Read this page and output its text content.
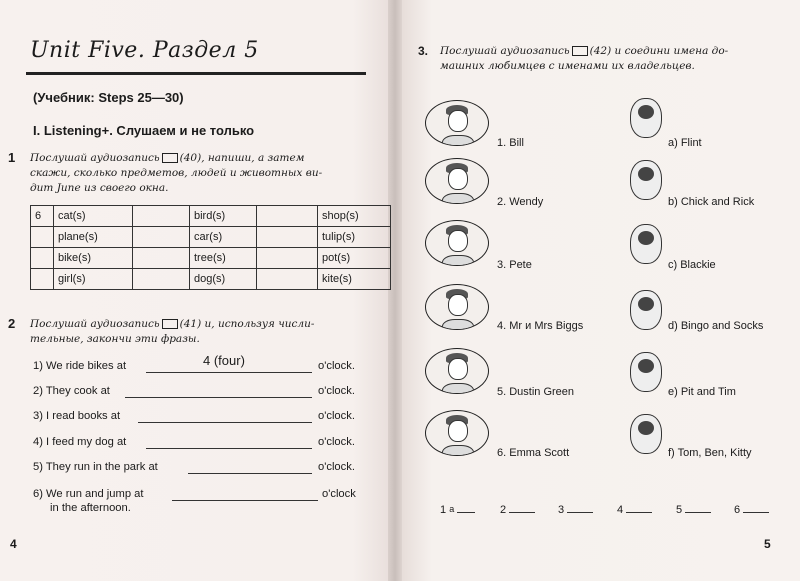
Unit Five. Раздел 5
(Учебник: Steps 25—30)
I. Listening+. Слушаем и не только
1 Послушай аудиозапись (40), напиши, а затем
скажи, сколько предметов, людей и животных ви-
дит June из своего окна.
6	cat(s)		bird(s)		shop(s)
	plane(s)		car(s)		tulip(s)
	bike(s)		tree(s)		pot(s)
	girl(s)		dog(s)		kite(s)
2 Послушай аудиозапись (41) и, используя числи-
тельные, закончи эти фразы.
1) We ride bikes at	4 (four)	o'clock.
2) They cook at	o'clock.
3) I read books at	o'clock.
4) I feed my dog at	o'clock.
5) They run in the park at	o'clock.
6) We run and jump at	o'clock
in the afternoon.
4
3. Послушай аудиозапись (42) и соедини имена до-
машних любимцев с именами их владельцев.
1. Bill
2. Wendy
3. Pete
4. Mr и Mrs Biggs
5. Dustin Green
6. Emma Scott
a) Flint
b) Chick and Rick
c) Blackie
d) Bingo and Socks
e) Pit and Tim
f) Tom, Ben, Kitty
1 $^a$	2	3	4	5	6
5
